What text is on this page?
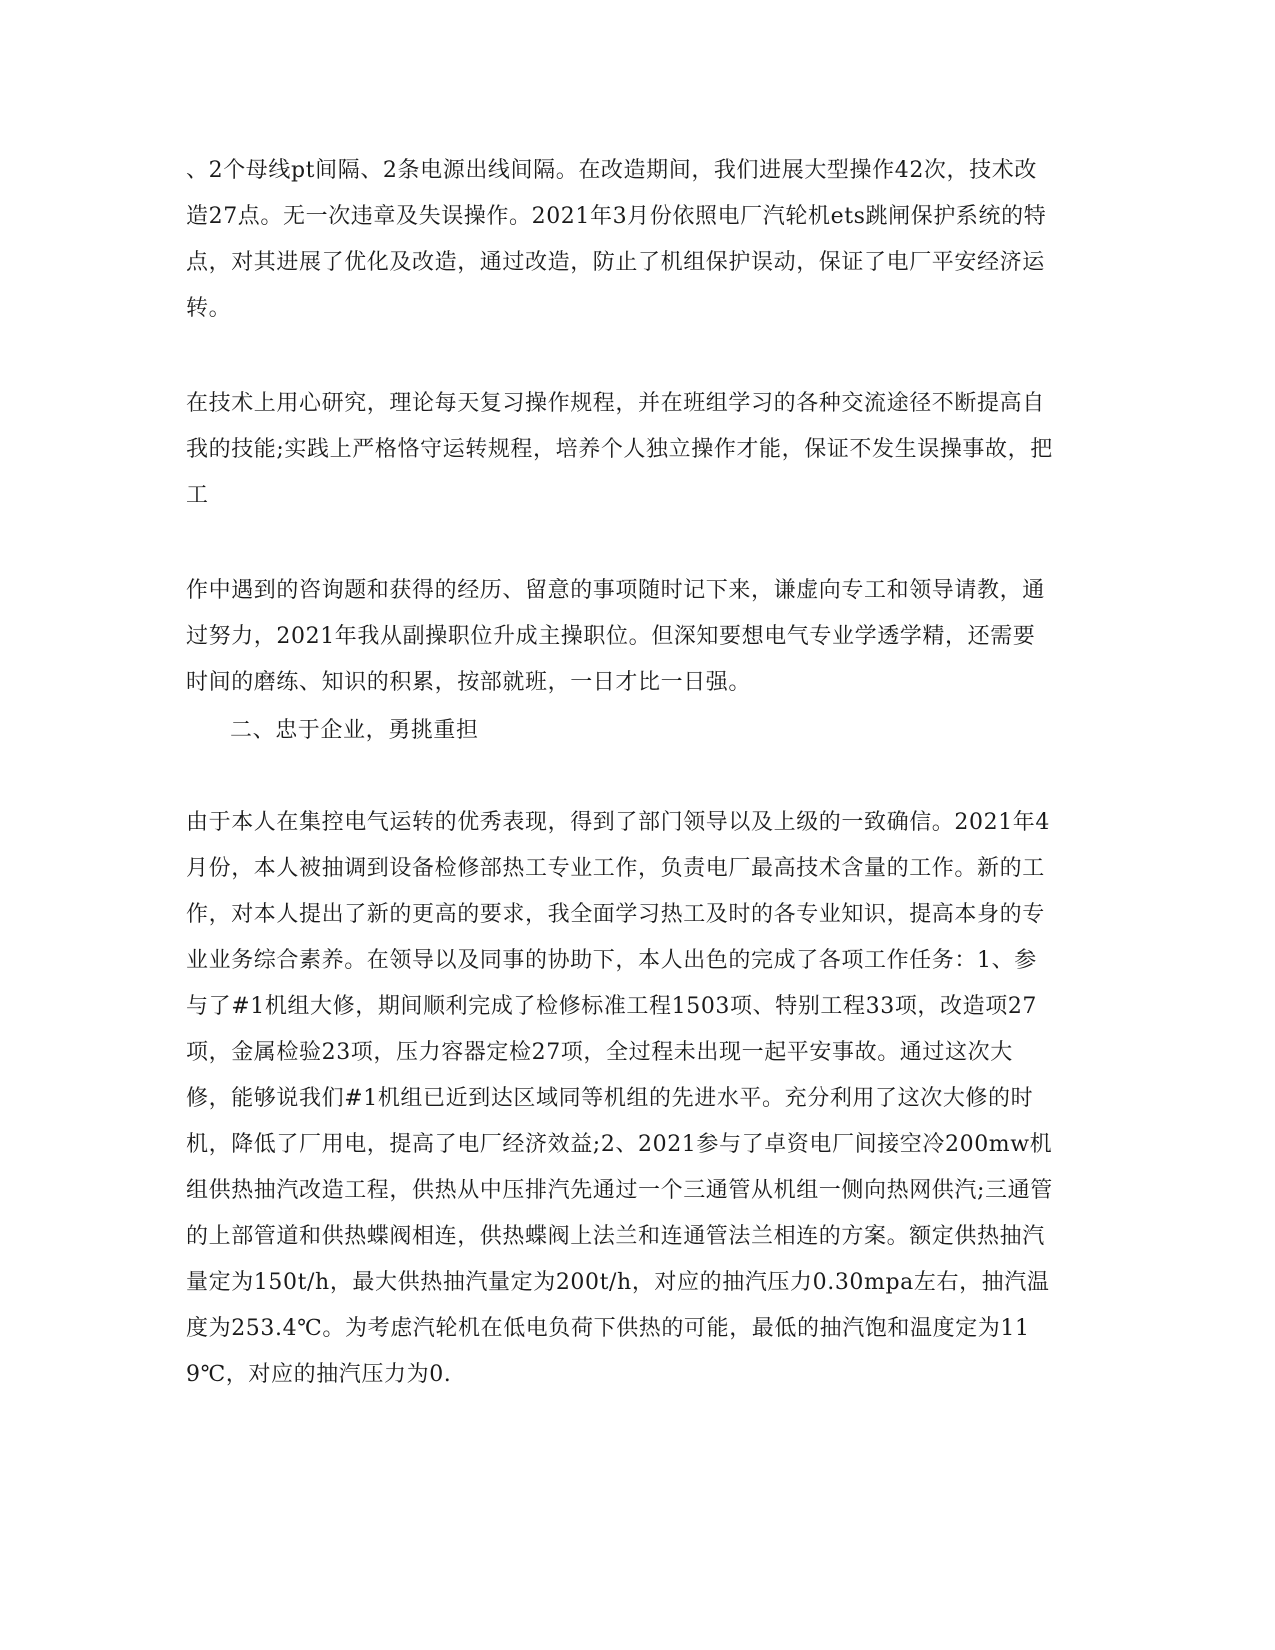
、2个母线pt间隔、2条电源出线间隔。在改造期间，我们进展大型操作42次，技术改造27点。无一次违章及失误操作。2021年3月份依照电厂汽轮机ets跳闸保护系统的特点，对其进展了优化及改造，通过改造，防止了机组保护误动，保证了电厂平安经济运转。

在技术上用心研究，理论每天复习操作规程，并在班组学习的各种交流途径不断提高自我的技能;实践上严格恪守运转规程，培养个人独立操作才能，保证不发生误操事故，把工

作中遇到的咨询题和获得的经历、留意的事项随时记下来，谦虚向专工和领导请教，通过努力，2021年我从副操职位升成主操职位。但深知要想电气专业学透学精，还需要时间的磨练、知识的积累，按部就班，一日才比一日强。

二、忠于企业，勇挑重担

由于本人在集控电气运转的优秀表现，得到了部门领导以及上级的一致确信。2021年4月份，本人被抽调到设备检修部热工专业工作，负责电厂最高技术含量的工作。新的工作，对本人提出了新的更高的要求，我全面学习热工及时的各专业知识，提高本身的专业业务综合素养。在领导以及同事的协助下，本人出色的完成了各项工作任务：1、参与了#1机组大修，期间顺利完成了检修标准工程1503项、特别工程33项，改造项27项，金属检验23项，压力容器定检27项，全过程未出现一起平安事故。通过这次大修，能够说我们#1机组已近到达区域同等机组的先进水平。充分利用了这次大修的时机，降低了厂用电，提高了电厂经济效益;2、2021参与了卓资电厂间接空冷200mw机组供热抽汽改造工程，供热从中压排汽先通过一个三通管从机组一侧向热网供汽;三通管的上部管道和供热蝶阀相连，供热蝶阀上法兰和连通管法兰相连的方案。额定供热抽汽量定为150t/h，最大供热抽汽量定为200t/h，对应的抽汽压力0.30mpa左右，抽汽温度为253.4℃。为考虑汽轮机在低电负荷下供热的可能，最低的抽汽饱和温度定为119℃，对应的抽汽压力为0.
